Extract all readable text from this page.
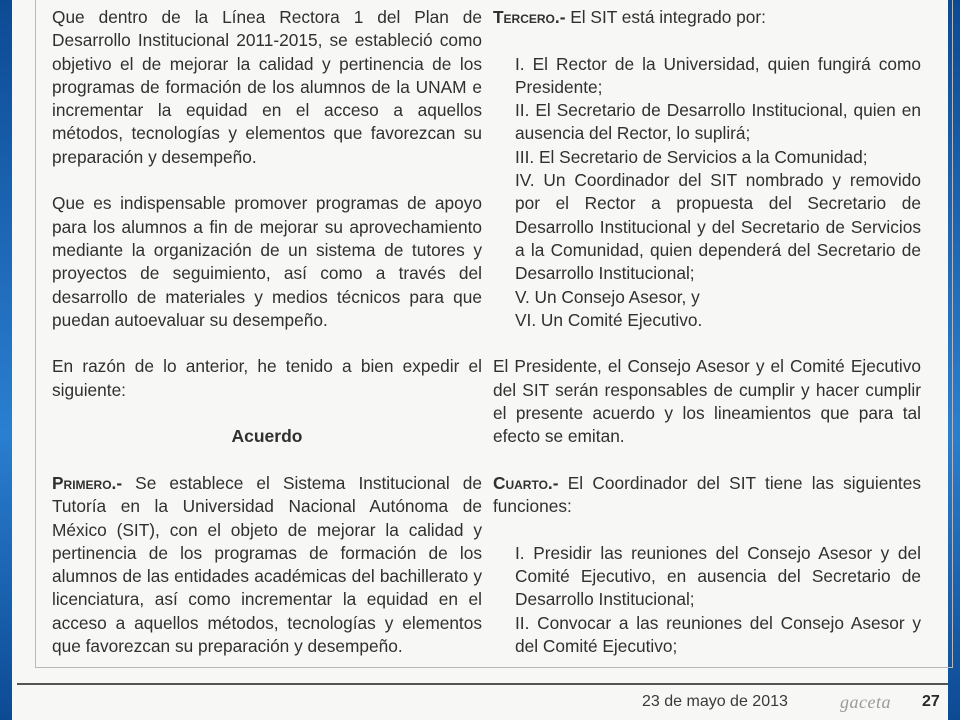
Que dentro de la Línea Rectora 1 del Plan de Desarrollo Institucional 2011-2015, se estableció como objetivo el de mejorar la calidad y pertinencia de los programas de formación de los alumnos de la UNAM e incrementar la equidad en el acceso a aquellos métodos, tecnologías y elementos que favorezcan su preparación y desempeño.

Que es indispensable promover programas de apoyo para los alumnos a fin de mejorar su aprovechamiento mediante la organización de un sistema de tutores y proyectos de seguimiento, así como a través del desarrollo de materiales y medios técnicos para que puedan autoevaluar su desempeño.

En razón de lo anterior, he tenido a bien expedir el siguiente:

Acuerdo

Primero.- Se establece el Sistema Institucional de Tutoría en la Universidad Nacional Autónoma de México (SIT), con el objeto de mejorar la calidad y pertinencia de los programas de formación de los alumnos de las entidades académicas del bachillerato y licenciatura, así como incrementar la equidad en el acceso a aquellos métodos, tecnologías y elementos que favorezcan su preparación y desempeño.

Tercero.- El SIT está integrado por:

I. El Rector de la Universidad, quien fungirá como Presidente;

II. El Secretario de Desarrollo Institucional, quien en ausencia del Rector, lo suplirá;

III. El Secretario de Servicios a la Comunidad;

IV. Un Coordinador del SIT nombrado y removido por el Rector a propuesta del Secretario de Desarrollo Institucional y del Secretario de Servicios a la Comunidad, quien dependerá del Secretario de Desarrollo Institucional;

V. Un Consejo Asesor, y

VI. Un Comité Ejecutivo.

El Presidente, el Consejo Asesor y el Comité Ejecutivo del SIT serán responsables de cumplir y hacer cumplir el presente acuerdo y los lineamientos que para tal efecto se emitan.

Cuarto.- El Coordinador del SIT tiene las siguientes funciones:

I. Presidir las reuniones del Consejo Asesor y del Comité Ejecutivo, en ausencia del Secretario de Desarrollo Institucional;

II. Convocar a las reuniones del Consejo Asesor y del Comité Ejecutivo;

23 de mayo de 2013	gaceta 27
